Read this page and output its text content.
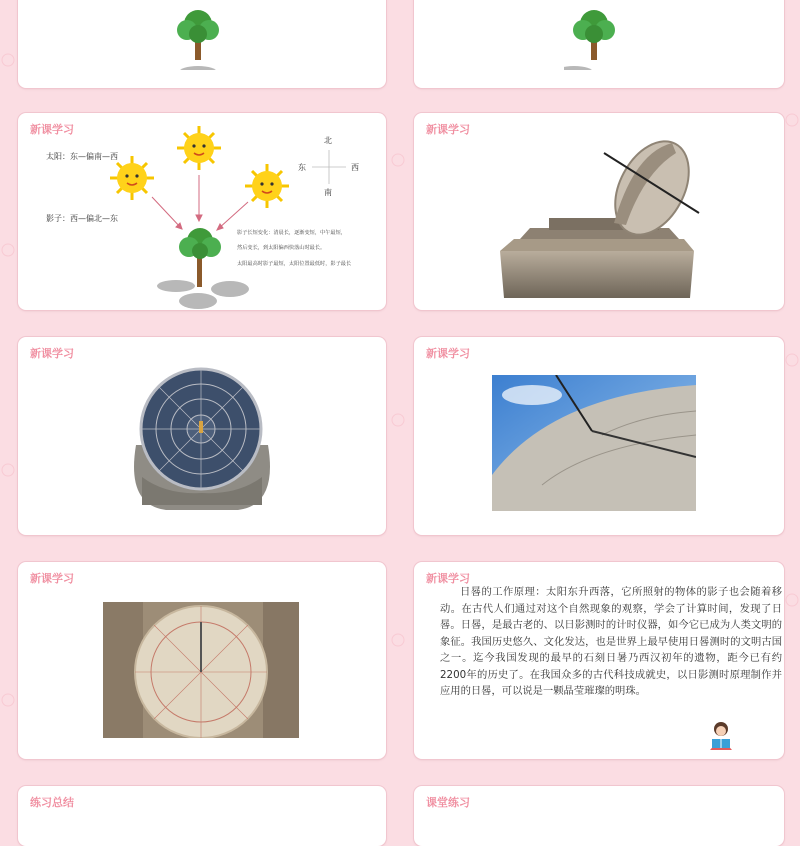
新课学习
太阳：东—偏南—西
影子：西—偏北—东
北
东	西
南
影子长短变化：清晨长，逐渐变短，中午最短，
然后变长，到太阳偏西快落山时最长。
太阳最高时影子最短，太阳位置最低时，影子最长
新课学习
新课学习	新课学习
新课学习	新课学习
日晷的工作原理：太阳东升西落，它所照射的物体的影子也会随着移动。在古代人们通过对这个自然现象的观察，学会了计算时间，发现了日晷。日晷，是最古老的、以日影测时的计时仪器，如今它已成为人类文明的象征。我国历史悠久、文化发达，也是世界上最早使用日晷测时的文明古国之一。迄今我国发现的最早的石刻日暑乃西汉初年的遗物，距今已有约2200年的历史了。在我国众多的古代科技成就史，以日影测时原理制作并应用的日晷，可以说是一颗晶莹璀璨的明珠。
练习总结	课堂练习
